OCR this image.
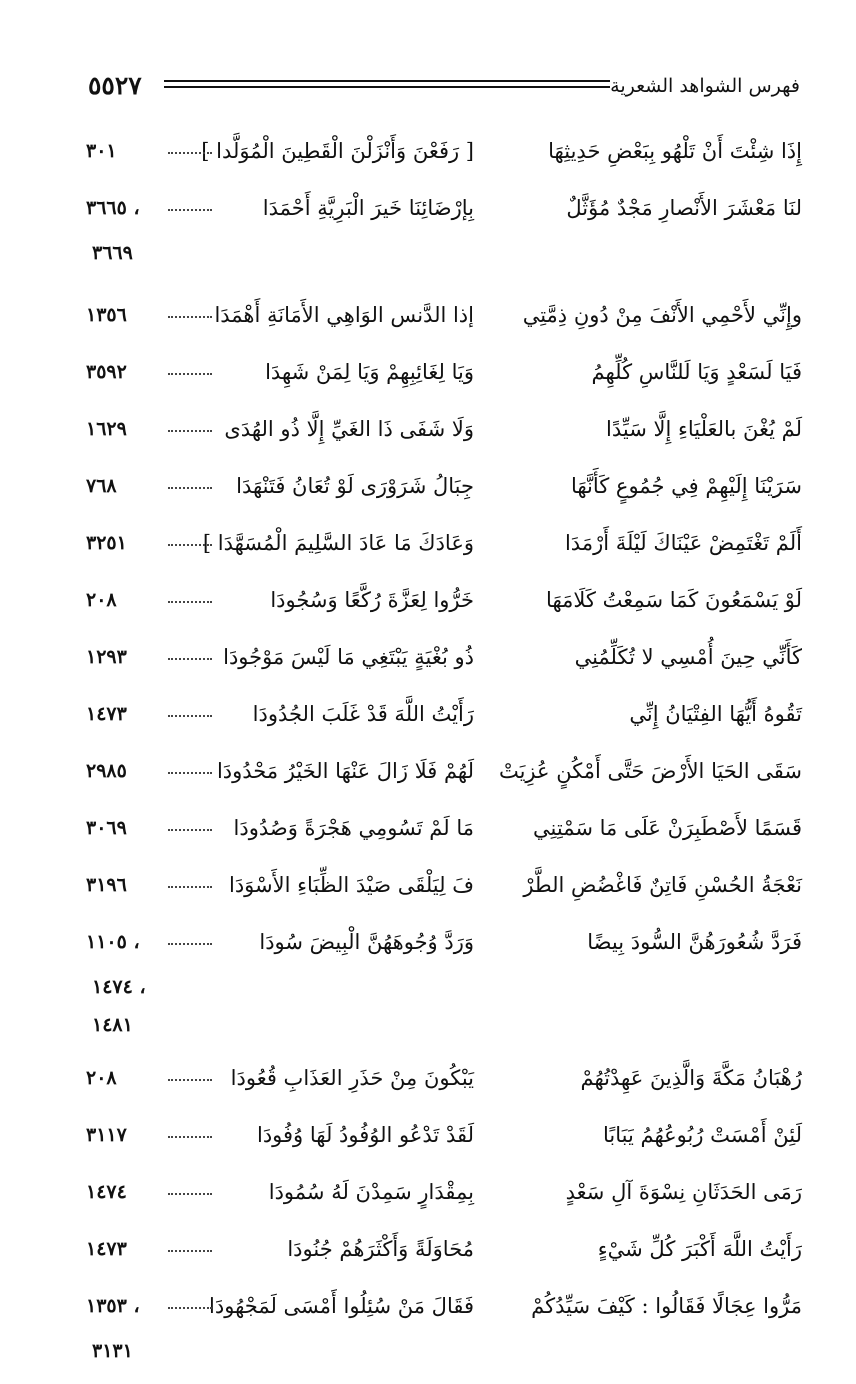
٥٥٢٧	فهرس الشواهد الشعرية
إِذَا شِئْتَ أَنْ تَلْهُو بِبَعْضِ حَدِيثِهَا
[ رَفَعْنَ وَأَنْزَلْنَ الْقَطِينَ الْمُوَلَّدا ]
٣٠١
لنَا مَعْشَرَ الأَنْصارِ مَجْدٌ مُؤَثَّلٌ
بِإرْضَائِنَا خَيرَ الْبَرِيَّةِ أَحْمَدَا
٣٦٦٥ ،
٣٦٦٩
وإِنِّي لأَحْمِي الأَنْفَ مِنْ دُونِ ذِمَّتِي
إذا الدَّنس الوَاهِي الأَمَانَةِ أَهْمَدَا
١٣٥٦
فَيَا لَسَعْدٍ وَيَا لَلنَّاسِ كُلِّهِمُ
وَيَا لِغَائِبِهِمْ وَيَا لِمَنْ شَهِدَا
٣٥٩٢
لَمْ يُغْنَ بالعَلْيَاءِ إِلَّا سَيِّدًا
وَلَا شَفَى ذَا الغَيِّ إِلَّا ذُو الهُدَى
١٦٢٩
سَرَيْنَا إِلَيْهِمْ فِي جُمُوعٍ كَأَنَّهَا
جِبَالُ شَرَوْرَى لَوْ تُعَانُ فَتَنْهَدَا
٧٦٨
أَلَمْ تَغْتَمِضْ عَيْنَاكَ لَيْلَةَ أَرْمَدَا
وَعَادَكَ مَا عَادَ السَّلِيمَ الْمُسَهَّدَا ]
٣٢٥١
لَوْ يَسْمَعُونَ كَمَا سَمِعْتُ كَلَامَهَا
خَرُّوا لِعَزَّةَ رُكَّعًا وَسُجُودَا
٢٠٨
كَأَنِّي حِينَ أُمْسِي لا تُكَلِّمُنِي
ذُو بُغْيَةٍ يَبْتَغِي مَا لَيْسَ مَوْجُودَا
١٢٩٣
تَقُوهُ أَيُّهَا الفِتْيَانُ إِنِّي
رَأَيْتُ اللَّهَ قَدْ غَلَبَ الجُدُودَا
١٤٧٣
سَقَى الحَيَا الأَرْضَ حَتَّى أَمْكُنٍ عُزِيَتْ
لَهُمْ فَلَا زَالَ عَنْهَا الخَيْرُ مَحْدُودَا
٢٩٨٥
قَسَمًا لأَصْطَبِرَنْ عَلَى مَا سَمْتِنِي
مَا لَمْ تَسُومِي هَجْرَةً وَصُدُودَا
٣٠٦٩
نَعْجَةُ الحُسْنِ فَاتِنٌ فَاغْضُضِ الطَّرْ
فَ لِيَلْقَى صَيْدَ الظِّبَاءِ الأَسْوَدَا
٣١٩٦
فَرَدَّ شُعُورَهُنَّ السُّودَ بِيضًا
وَرَدَّ وُجُوهَهُنَّ الْبِيضَ سُودَا
١١٠٥ ،
١٤٧٤ ،
١٤٨١
رُهْبَانُ مَكَّةَ وَالَّذِينَ عَهِدْتُهُمْ
يَبْكُونَ مِنْ حَذَرِ العَذَابِ قُعُودَا
٢٠٨
لَئِنْ أَمْسَتْ رُبُوعُهُمُ يَبَابًا
لَقَدْ تَدْعُو الوُفُودُ لَهَا وُفُودَا
٣١١٧
رَمَى الحَدَثَانِ نِسْوَةَ آلِ سَعْدٍ
بِمِقْدَارٍ سَمِدْنَ لَهُ سُمُودَا
١٤٧٤
رَأَيْتُ اللَّهَ أَكْبَرَ كُلِّ شَيْءٍ
مُحَاوَلَةً وَأَكْثَرَهُمْ جُنُودَا
١٤٧٣
مَرُّوا عِجَالًا فَقَالُوا : كَيْفَ سَيِّدُكُمْ
فَقَالَ مَنْ سُئِلُوا أَمْسَى لَمَجْهُودَا
١٣٥٣ ،
٣١٣١
